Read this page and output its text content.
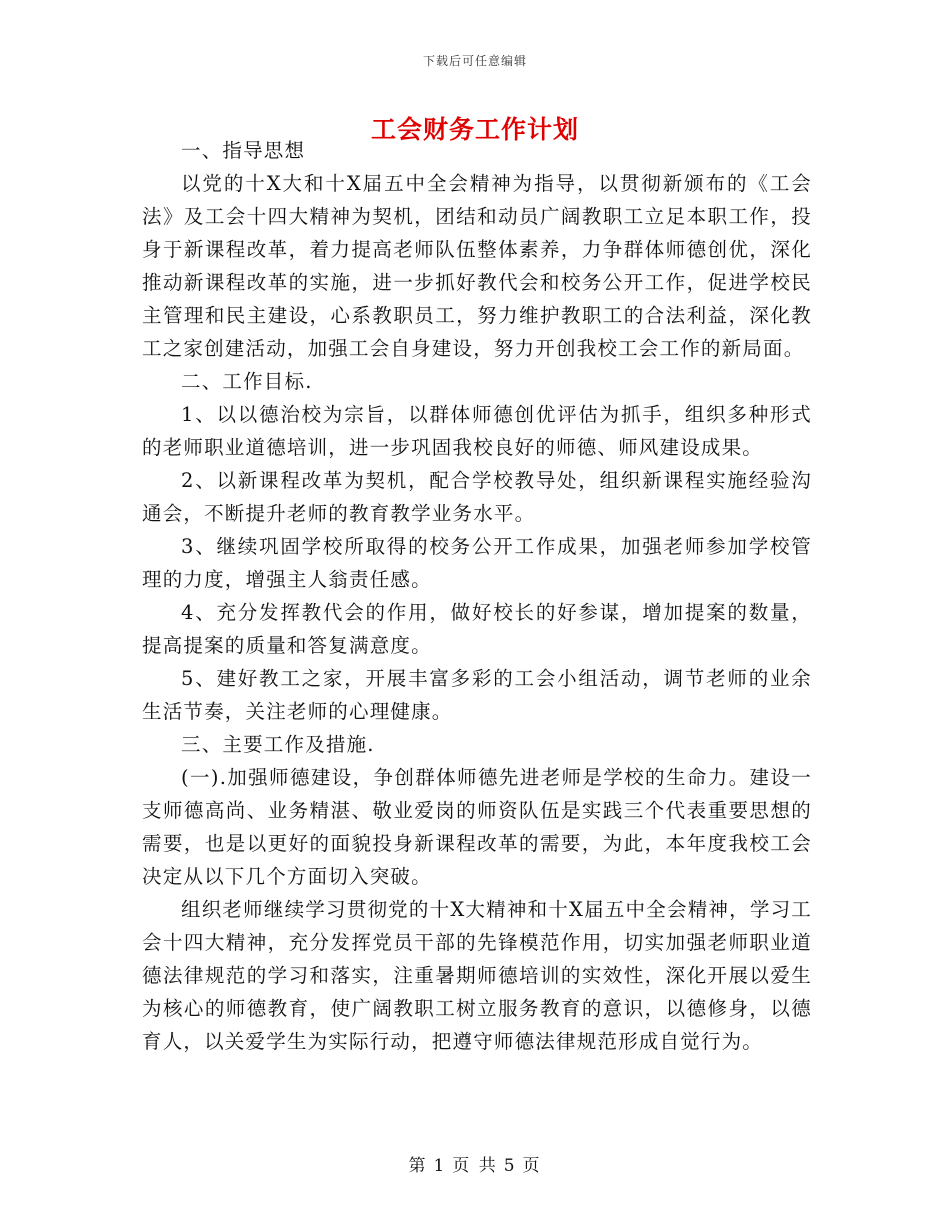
下载后可任意编辑
工会财务工作计划

一、指导思想

以党的十X大和十X届五中全会精神为指导，以贯彻新颁布的《工会法》及工会十四大精神为契机，团结和动员广阔教职工立足本职工作，投身于新课程改革，着力提高老师队伍整体素养，力争群体师德创优，深化推动新课程改革的实施，进一步抓好教代会和校务公开工作，促进学校民主管理和民主建设，心系教职员工，努力维护教职工的合法利益，深化教工之家创建活动，加强工会自身建设，努力开创我校工会工作的新局面。

二、工作目标.

1、以以德治校为宗旨，以群体师德创优评估为抓手，组织多种形式的老师职业道德培训，进一步巩固我校良好的师德、师风建设成果。

2、以新课程改革为契机，配合学校教导处，组织新课程实施经验沟通会，不断提升老师的教育教学业务水平。

3、继续巩固学校所取得的校务公开工作成果，加强老师参加学校管理的力度，增强主人翁责任感。

4、充分发挥教代会的作用，做好校长的好参谋，增加提案的数量，提高提案的质量和答复满意度。

5、建好教工之家，开展丰富多彩的工会小组活动，调节老师的业余生活节奏，关注老师的心理健康。

三、主要工作及措施.

(一).加强师德建设，争创群体师德先进老师是学校的生命力。建设一支师德高尚、业务精湛、敬业爱岗的师资队伍是实践三个代表重要思想的需要，也是以更好的面貌投身新课程改革的需要，为此，本年度我校工会决定从以下几个方面切入突破。

组织老师继续学习贯彻党的十X大精神和十X届五中全会精神，学习工会十四大精神，充分发挥党员干部的先锋模范作用，切实加强老师职业道德法律规范的学习和落实，注重暑期师德培训的实效性，深化开展以爱生为核心的师德教育，使广阔教职工树立服务教育的意识，以德修身，以德育人，以关爱学生为实际行动，把遵守师德法律规范形成自觉行为。

第 1 页 共 5 页
